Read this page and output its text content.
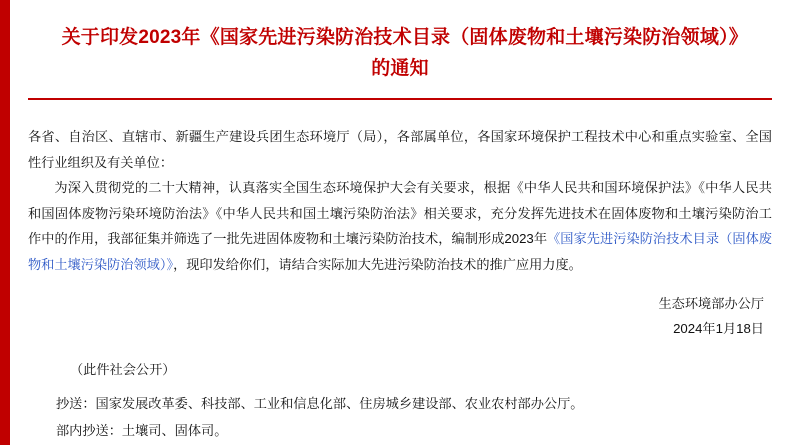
关于印发2023年《国家先进污染防治技术目录（固体废物和土壤污染防治领域）》的通知

各省、自治区、直辖市、新疆生产建设兵团生态环境厅（局），各部属单位，各国家环境保护工程技术中心和重点实验室、全国性行业组织及有关单位：

为深入贯彻党的二十大精神，认真落实全国生态环境保护大会有关要求，根据《中华人民共和国环境保护法》《中华人民共和国固体废物污染环境防治法》《中华人民共和国土壤污染防治法》相关要求，充分发挥先进技术在固体废物和土壤污染防治工作中的作用，我部征集并筛选了一批先进固体废物和土壤污染防治技术，编制形成2023年《国家先进污染防治技术目录（固体废物和土壤污染防治领域）》，现印发给你们，请结合实际加大先进污染防治技术的推广应用力度。

生态环境部办公厅
2024年1月18日
（此件社会公开）

抄送：国家发展改革委、科技部、工业和信息化部、住房城乡建设部、农业农村部办公厅。

部内抄送：土壤司、固体司。
